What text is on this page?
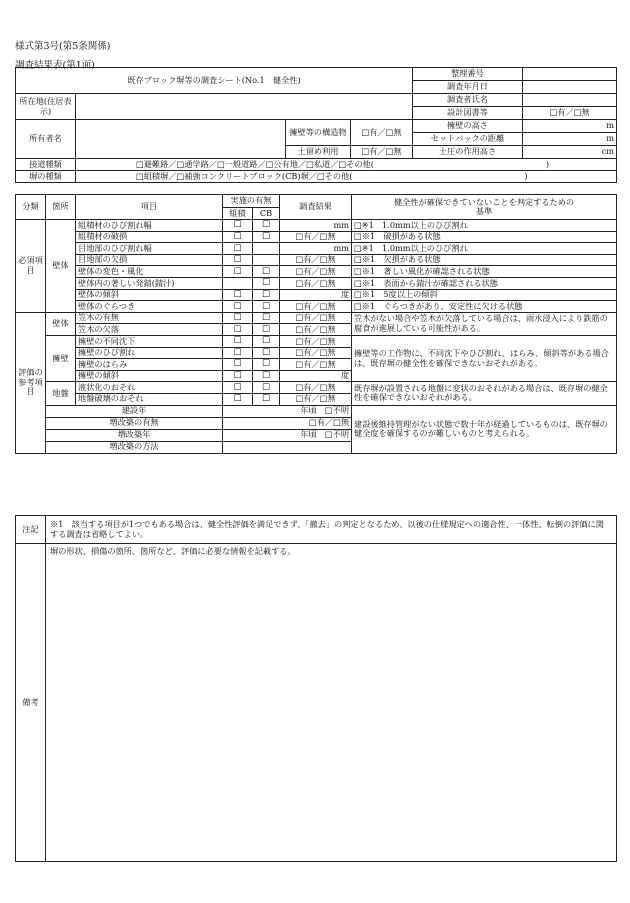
様式第3号(第5条関係)
調査結果表(第1面)
既存ブロック塀等の調査シート(No.1　健全性)				整理番号	
				調査年月日	
所在地(住居表示)				調査者氏名	
				設計図書等	□有／□無
所有者名		擁壁等の構造物	□有／□無	擁壁の高さ	m
				セットバックの距離	m
		土留め利用	□有／□無	土圧の作用高さ	cm
接道種類	□避難路／□通学路／□一般道路／□公有地／□私道／□その他(　　　　　　　　　　　　　　　　　　　　　)				
塀の種類	□組積塀／□補強コンクリートブロック(CB)塀／□その他(　　　　　　　　　　　　　　　　　　　　　)				
分類	箇所	項目	実施の有無		調査結果	健全性が確保できていないことを判定するための基準
			組積	CB		
必須項目	壁体	組積材のひび割れ幅	□	□	mm	□※1　1.0mm以上のひび割れ
		組積材の破損	□	□	□有／□無	□※1　破損がある状態
		目地部のひび割れ幅	□		mm	□※1　1.0mm以上のひび割れ
		目地部の欠損	□		□有／□無	□※1　欠損がある状態
		壁体の変色・風化	□	□	□有／□無	□※1　著しい風化が確認される状態
		壁体内の著しい発錆(錆汁)		□	□有／□無	□※1　表面から錆汁が確認される状態
		壁体の傾斜	□	□	度	□※1　5度以上の傾斜
		壁体のぐらつき	□	□	□有／□無	□※1　ぐらつきがあり、安定性に欠ける状態
評価の参考項目	壁体	笠木の有無	□	□	□有／□無	笠木がない場合や笠木が欠落している場合は、雨水浸入により鉄筋の腐食が進展している可能性がある。
		笠木の欠落	□	□	□有／□無	
	擁壁	擁壁の不同沈下	□	□	□有／□無	擁壁等の工作物に、不同沈下やひび割れ、はらみ、傾斜等がある場合は、既存塀の健全性を確保できないおそれがある。
		擁壁のひび割れ	□	□	□有／□無	
		擁壁のはらみ	□	□	□有／□無	
		擁壁の傾斜	□	□	度	
	地盤	液状化のおそれ	□	□	□有／□無	既存塀が設置される地盤に変状のおそれがある場合は、既存塀の健全性を確保できないおそれがある。
		地盤破壊のおそれ	□	□	□有／□無	
	建設年		年頃　□不明			建設後維持管理がない状態で数十年が経過しているものは、既存塀の健全度を確保するのが難しいものと考えられる。
	増改築の有無		□有／□無			
	増改築年		年頃　□不明			
	増改築の方法					
注記	※1　該当する項目が1つでもある場合は、健全性評価を満足できず、「撤去」の判定となるため、以後の仕様規定への適合性、一体性、転倒の評価に関する調査は省略してよい。
備考	塀の形状、損傷の箇所、箇所など、評価に必要な情報を記載する。
